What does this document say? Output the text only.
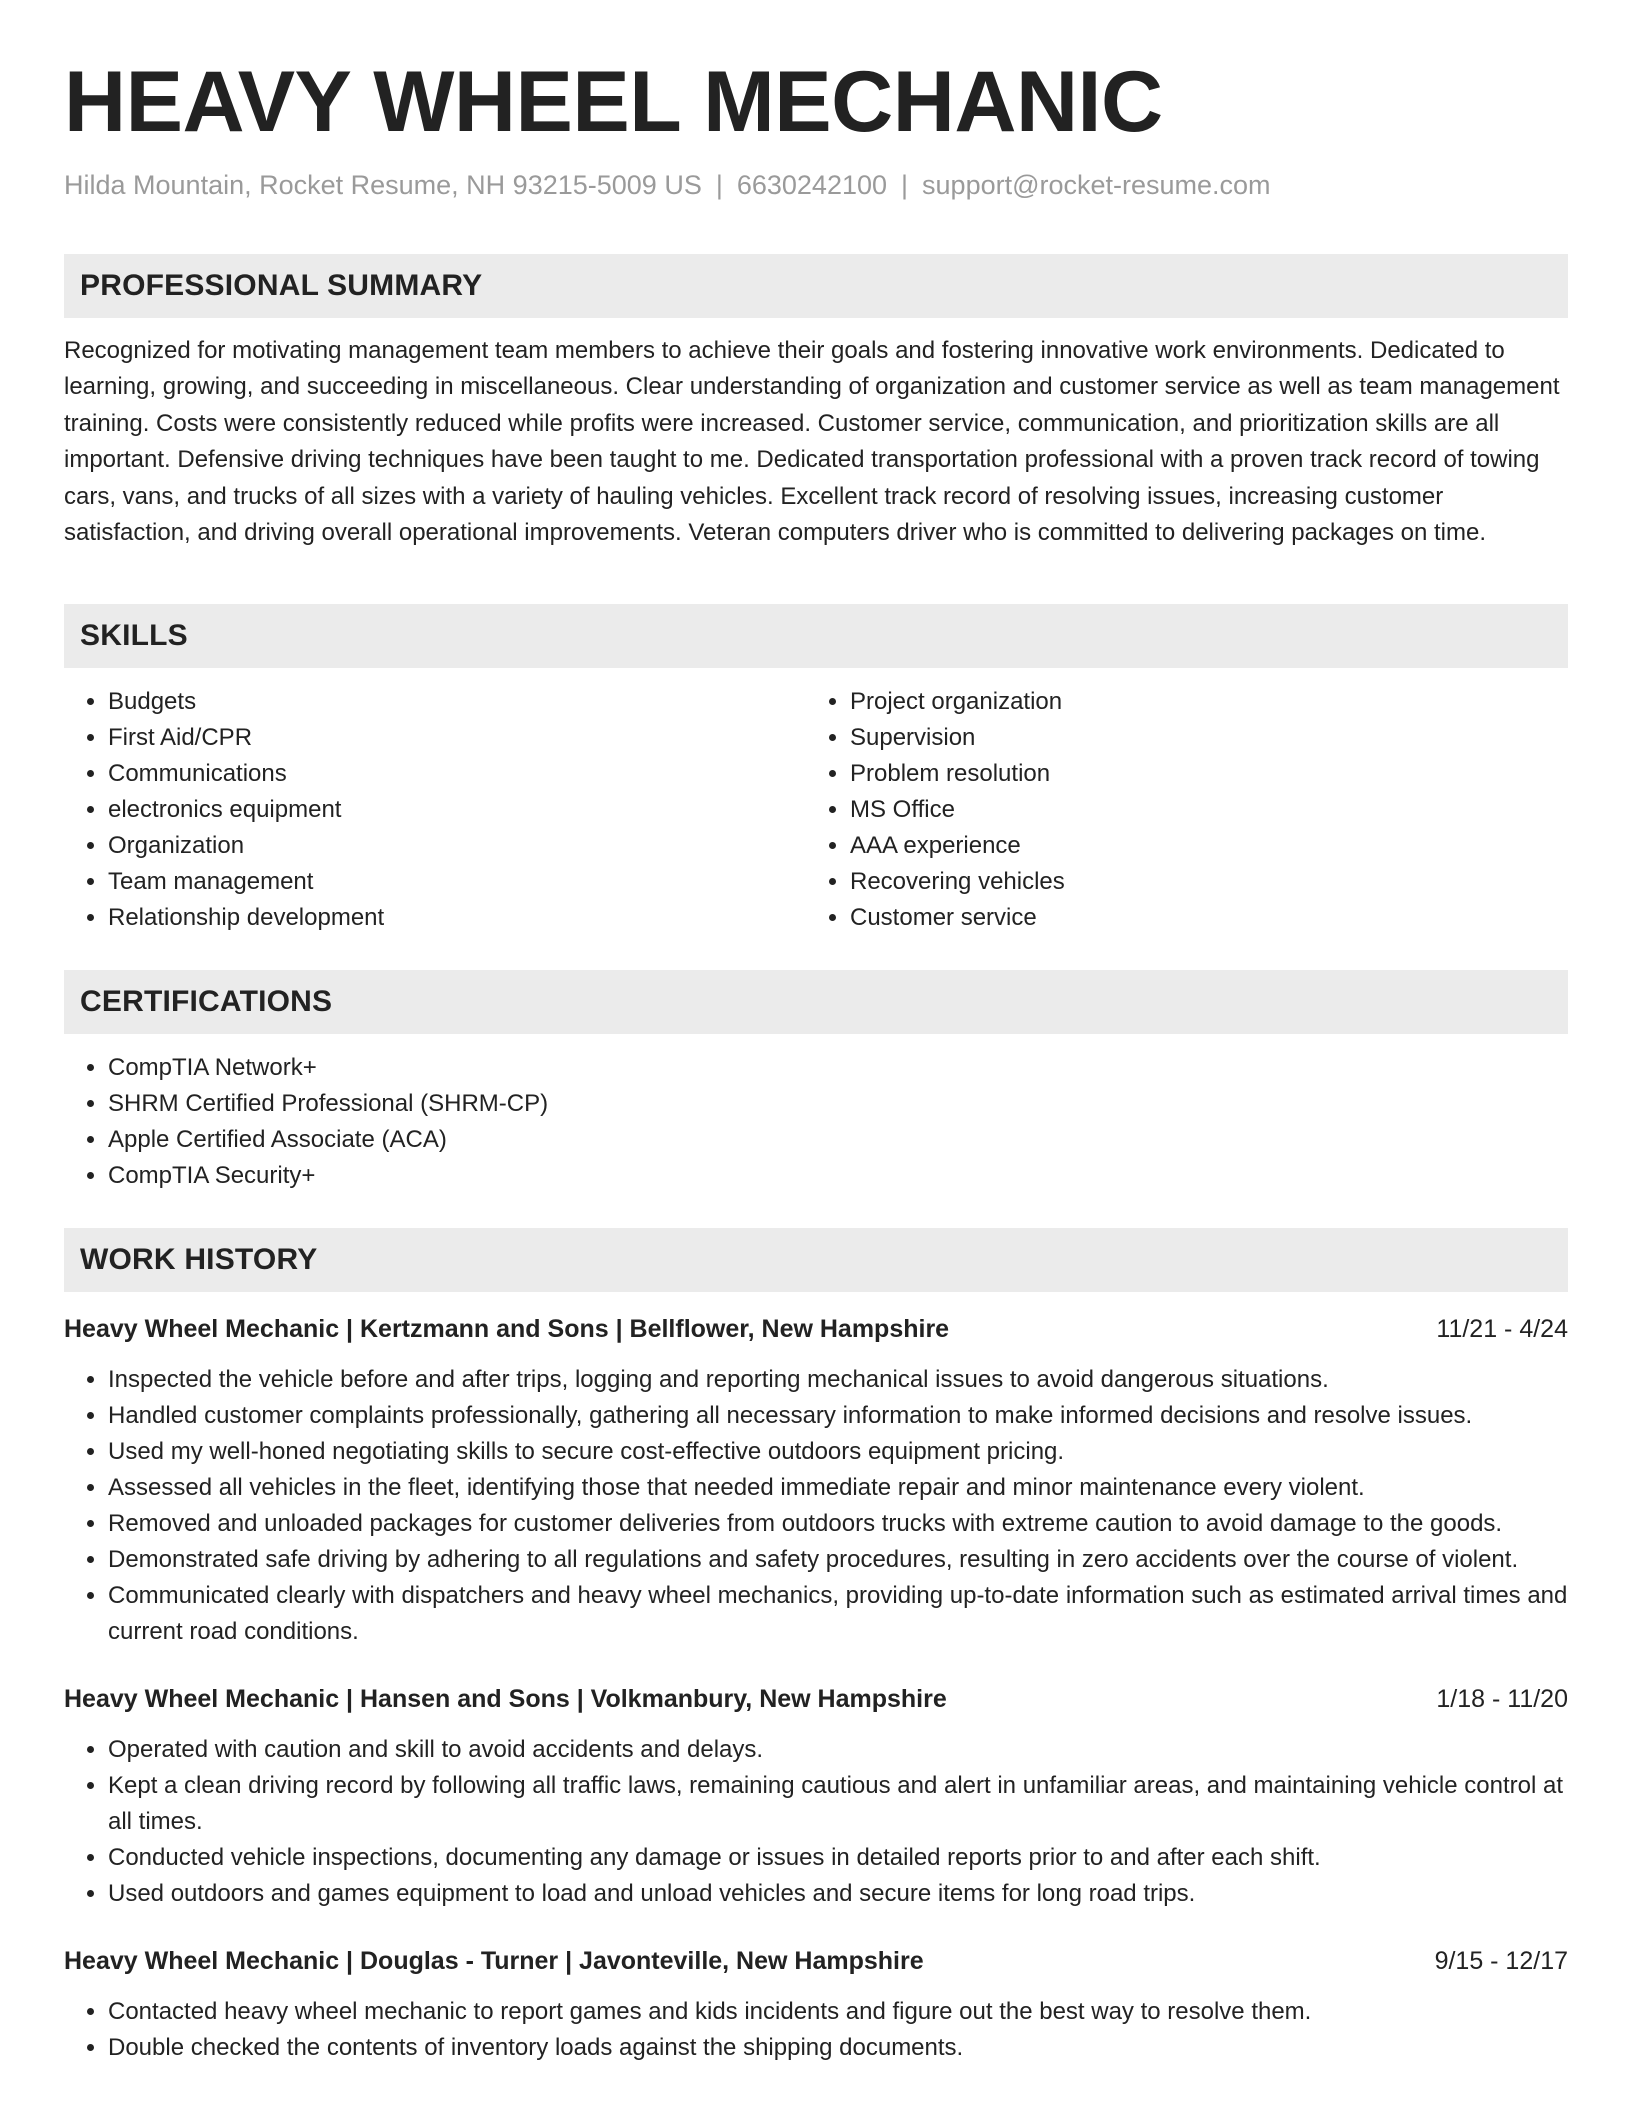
HEAVY WHEEL MECHANIC
Hilda Mountain, Rocket Resume, NH 93215-5009 US | 6630242100 | support@rocket-resume.com
PROFESSIONAL SUMMARY
Recognized for motivating management team members to achieve their goals and fostering innovative work environments. Dedicated to learning, growing, and succeeding in miscellaneous. Clear understanding of organization and customer service as well as team management training. Costs were consistently reduced while profits were increased. Customer service, communication, and prioritization skills are all important. Defensive driving techniques have been taught to me. Dedicated transportation professional with a proven track record of towing cars, vans, and trucks of all sizes with a variety of hauling vehicles. Excellent track record of resolving issues, increasing customer satisfaction, and driving overall operational improvements. Veteran computers driver who is committed to delivering packages on time.
SKILLS
• Budgets
• First Aid/CPR
• Communications
• electronics equipment
• Organization
• Team management
• Relationship development
• Project organization
• Supervision
• Problem resolution
• MS Office
• AAA experience
• Recovering vehicles
• Customer service
CERTIFICATIONS
• CompTIA Network+
• SHRM Certified Professional (SHRM-CP)
• Apple Certified Associate (ACA)
• CompTIA Security+
WORK HISTORY
Heavy Wheel Mechanic | Kertzmann and Sons | Bellflower, New Hampshire	11/21 - 4/24
• Inspected the vehicle before and after trips, logging and reporting mechanical issues to avoid dangerous situations.
• Handled customer complaints professionally, gathering all necessary information to make informed decisions and resolve issues.
• Used my well-honed negotiating skills to secure cost-effective outdoors equipment pricing.
• Assessed all vehicles in the fleet, identifying those that needed immediate repair and minor maintenance every violent.
• Removed and unloaded packages for customer deliveries from outdoors trucks with extreme caution to avoid damage to the goods.
• Demonstrated safe driving by adhering to all regulations and safety procedures, resulting in zero accidents over the course of violent.
• Communicated clearly with dispatchers and heavy wheel mechanics, providing up-to-date information such as estimated arrival times and current road conditions.
Heavy Wheel Mechanic | Hansen and Sons | Volkmanbury, New Hampshire	1/18 - 11/20
• Operated with caution and skill to avoid accidents and delays.
• Kept a clean driving record by following all traffic laws, remaining cautious and alert in unfamiliar areas, and maintaining vehicle control at all times.
• Conducted vehicle inspections, documenting any damage or issues in detailed reports prior to and after each shift.
• Used outdoors and games equipment to load and unload vehicles and secure items for long road trips.
Heavy Wheel Mechanic | Douglas - Turner | Javonteville, New Hampshire	9/15 - 12/17
• Contacted heavy wheel mechanic to report games and kids incidents and figure out the best way to resolve them.
• Double checked the contents of inventory loads against the shipping documents.
